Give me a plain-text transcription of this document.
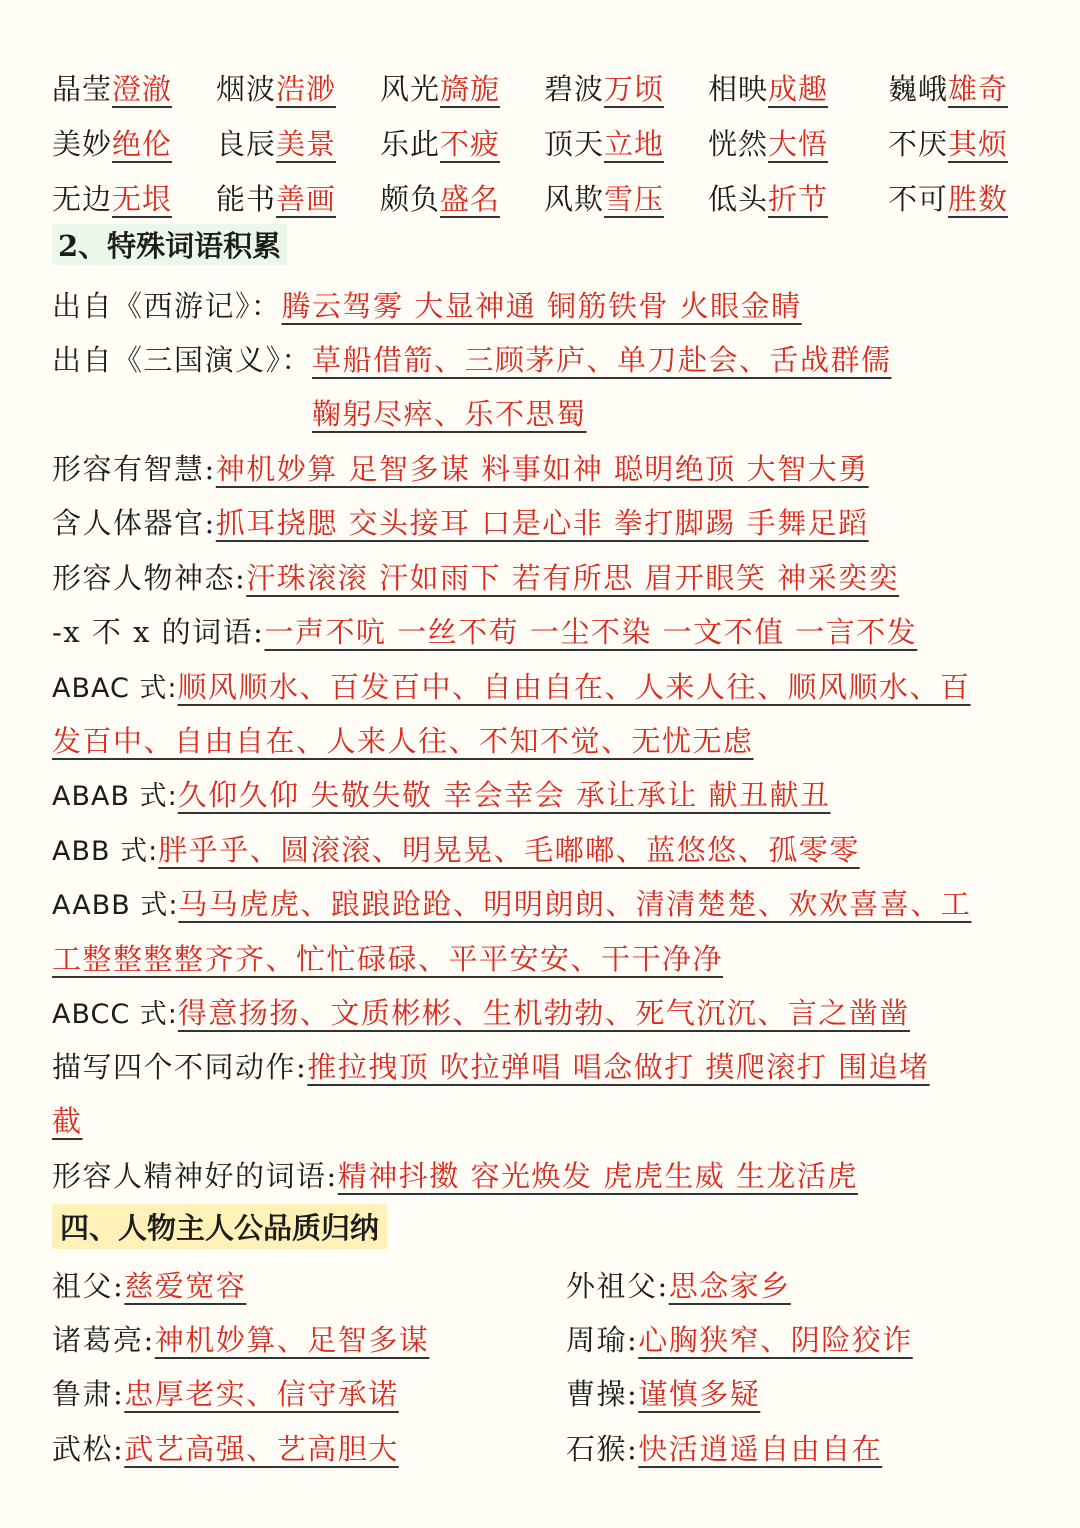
晶莹澄澈	烟波浩渺	风光旖旎	碧波万顷	相映成趣	巍峨雄奇
美妙绝伦	良辰美景	乐此不疲	顶天立地	恍然大悟	不厌其烦
无边无垠	能书善画	颇负盛名	风欺雪压	低头折节	不可胜数
2、特殊词语积累
出自《西游记》：腾云驾雾 大显神通 铜筋铁骨 火眼金睛
出自《三国演义》：草船借箭、三顾茅庐、单刀赴会、舌战群儒
鞠躬尽瘁、乐不思蜀
形容有智慧:神机妙算 足智多谋 料事如神 聪明绝顶 大智大勇
含人体器官:抓耳挠腮 交头接耳 口是心非 拳打脚踢 手舞足蹈
形容人物神态:汗珠滚滚 汗如雨下 若有所思 眉开眼笑 神采奕奕
-x 不 x 的词语:一声不吭 一丝不苟 一尘不染 一文不值 一言不发
ABAC 式:顺风顺水、百发百中、自由自在、人来人往、顺风顺水、百
发百中、自由自在、人来人往、不知不觉、无忧无虑
ABAB 式:久仰久仰 失敬失敬 幸会幸会 承让承让 献丑献丑
ABB 式:胖乎乎、圆滚滚、明晃晃、毛嘟嘟、蓝悠悠、孤零零
AABB 式:马马虎虎、踉踉跄跄、明明朗朗、清清楚楚、欢欢喜喜、工
工整整整整齐齐、忙忙碌碌、平平安安、干干净净
ABCC 式:得意扬扬、文质彬彬、生机勃勃、死气沉沉、言之凿凿
描写四个不同动作:推拉拽顶 吹拉弹唱 唱念做打 摸爬滚打 围追堵
截
形容人精神好的词语:精神抖擞 容光焕发 虎虎生威 生龙活虎
四、人物主人公品质归纳
祖父:慈爱宽容	外祖父:思念家乡
诸葛亮:神机妙算、足智多谋	周瑜:心胸狭窄、阴险狡诈
鲁肃:忠厚老实、信守承诺	曹操:谨慎多疑
武松:武艺高强、艺高胆大	石猴:快活逍遥自由自在
